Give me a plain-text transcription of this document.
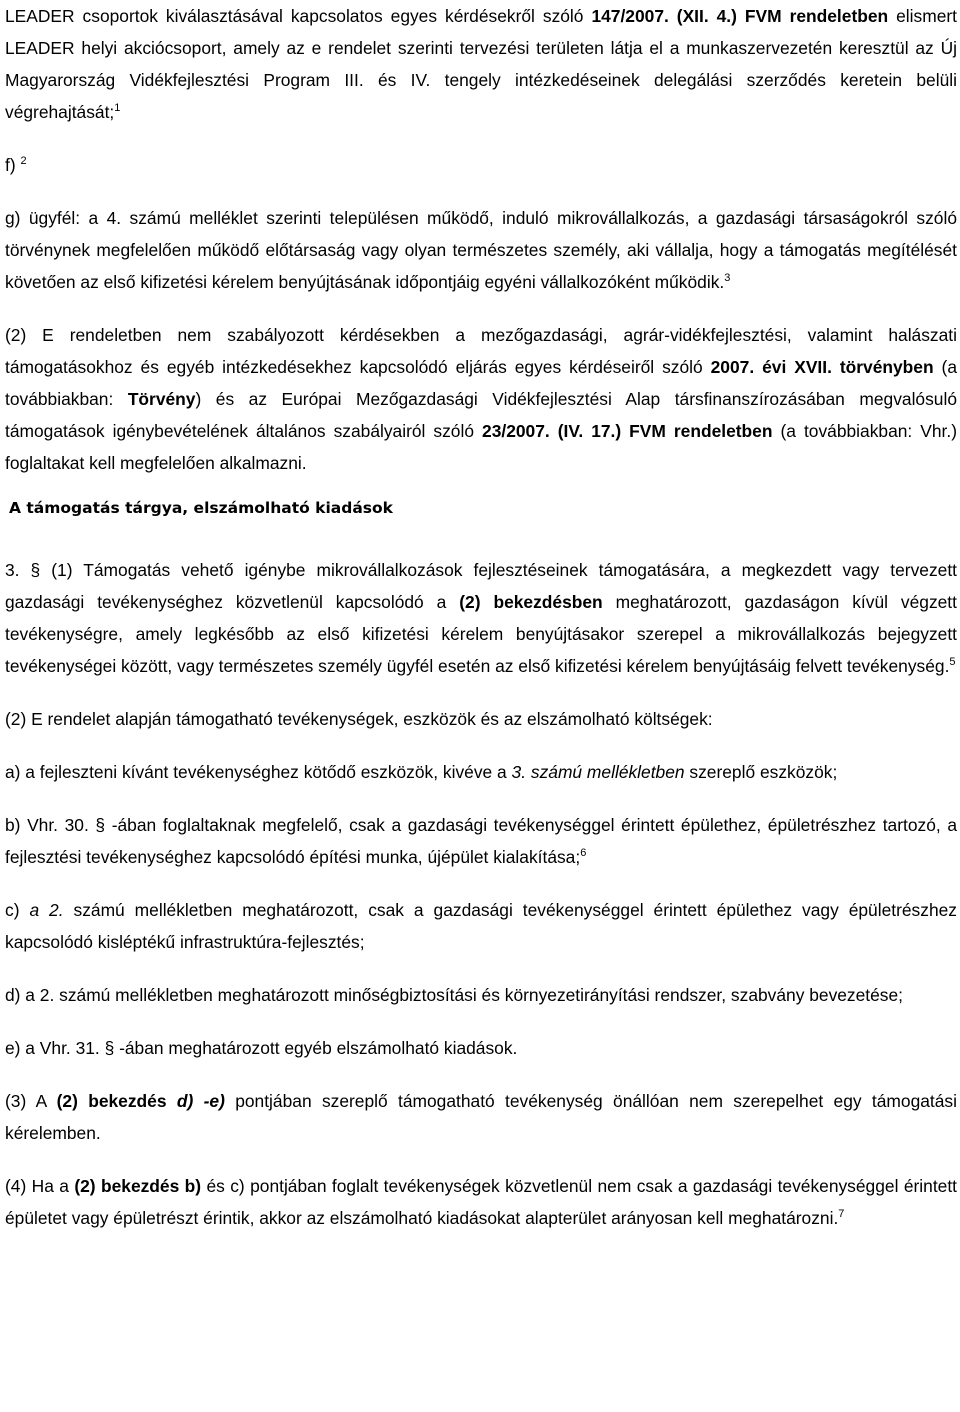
LEADER csoportok kiválasztásával kapcsolatos egyes kérdésekről szóló 147/2007. (XII. 4.) FVM rendeletben elismert LEADER helyi akciócsoport, amely az e rendelet szerinti tervezési területen látja el a munkaszervezetén keresztül az Új Magyarország Vidékfejlesztési Program III. és IV. tengely intézkedéseinek delegálási szerződés keretein belüli végrehajtását;$^1$

f) $^2$

g) ügyfél: a 4. számú melléklet szerinti településen működő, induló mikrovállalkozás, a gazdasági társaságokról szóló törvénynek megfelelően működő előtársaság vagy olyan természetes személy, aki vállalja, hogy a támogatás megítélését követően az első kifizetési kérelem benyújtásának időpontjáig egyéni vállalkozóként működik.$^3$

(2) E rendeletben nem szabályozott kérdésekben a mezőgazdasági, agrár-vidékfejlesztési, valamint halászati támogatásokhoz és egyéb intézkedésekhez kapcsolódó eljárás egyes kérdéseiről szóló 2007. évi XVII. törvényben (a továbbiakban: Törvény) és az Európai Mezőgazdasági Vidékfejlesztési Alap társfinanszírozásában megvalósuló támogatások igénybevételének általános szabályairól szóló 23/2007. (IV. 17.) FVM rendeletben (a továbbiakban: Vhr.) foglaltakat kell megfelelően alkalmazni.

A támogatás tárgya, elszámolható kiadások

3. § (1) Támogatás vehető igénybe mikrovállalkozások fejlesztéseinek támogatására, a megkezdett vagy tervezett gazdasági tevékenységhez közvetlenül kapcsolódó a (2) bekezdésben meghatározott, gazdaságon kívül végzett tevékenységre, amely legkésőbb az első kifizetési kérelem benyújtásakor szerepel a mikrovállalkozás bejegyzett tevékenységei között, vagy természetes személy ügyfél esetén az első kifizetési kérelem benyújtásáig felvett tevékenység.$^5$

(2) E rendelet alapján támogatható tevékenységek, eszközök és az elszámolható költségek:

a) a fejleszteni kívánt tevékenységhez kötődő eszközök, kivéve a 3. számú mellékletben szereplő eszközök;

b) Vhr. 30. § -ában foglaltaknak megfelelő, csak a gazdasági tevékenységgel érintett épülethez, épületrészhez tartozó, a fejlesztési tevékenységhez kapcsolódó építési munka, újépület kialakítása;$^6$

c) a 2. számú mellékletben meghatározott, csak a gazdasági tevékenységgel érintett épülethez vagy épületrészhez kapcsolódó kisléptékű infrastruktúra-fejlesztés;

d) a 2. számú mellékletben meghatározott minőségbiztosítási és környezetirányítási rendszer, szabvány bevezetése;

e) a Vhr. 31. § -ában meghatározott egyéb elszámolható kiadások.

(3) A (2) bekezdés d) -e) pontjában szereplő támogatható tevékenység önállóan nem szerepelhet egy támogatási kérelemben.

(4) Ha a (2) bekezdés b) és c) pontjában foglalt tevékenységek közvetlenül nem csak a gazdasági tevékenységgel érintett épületet vagy épületrészt érintik, akkor az elszámolható kiadásokat alapterület arányosan kell meghatározni.$^7$
